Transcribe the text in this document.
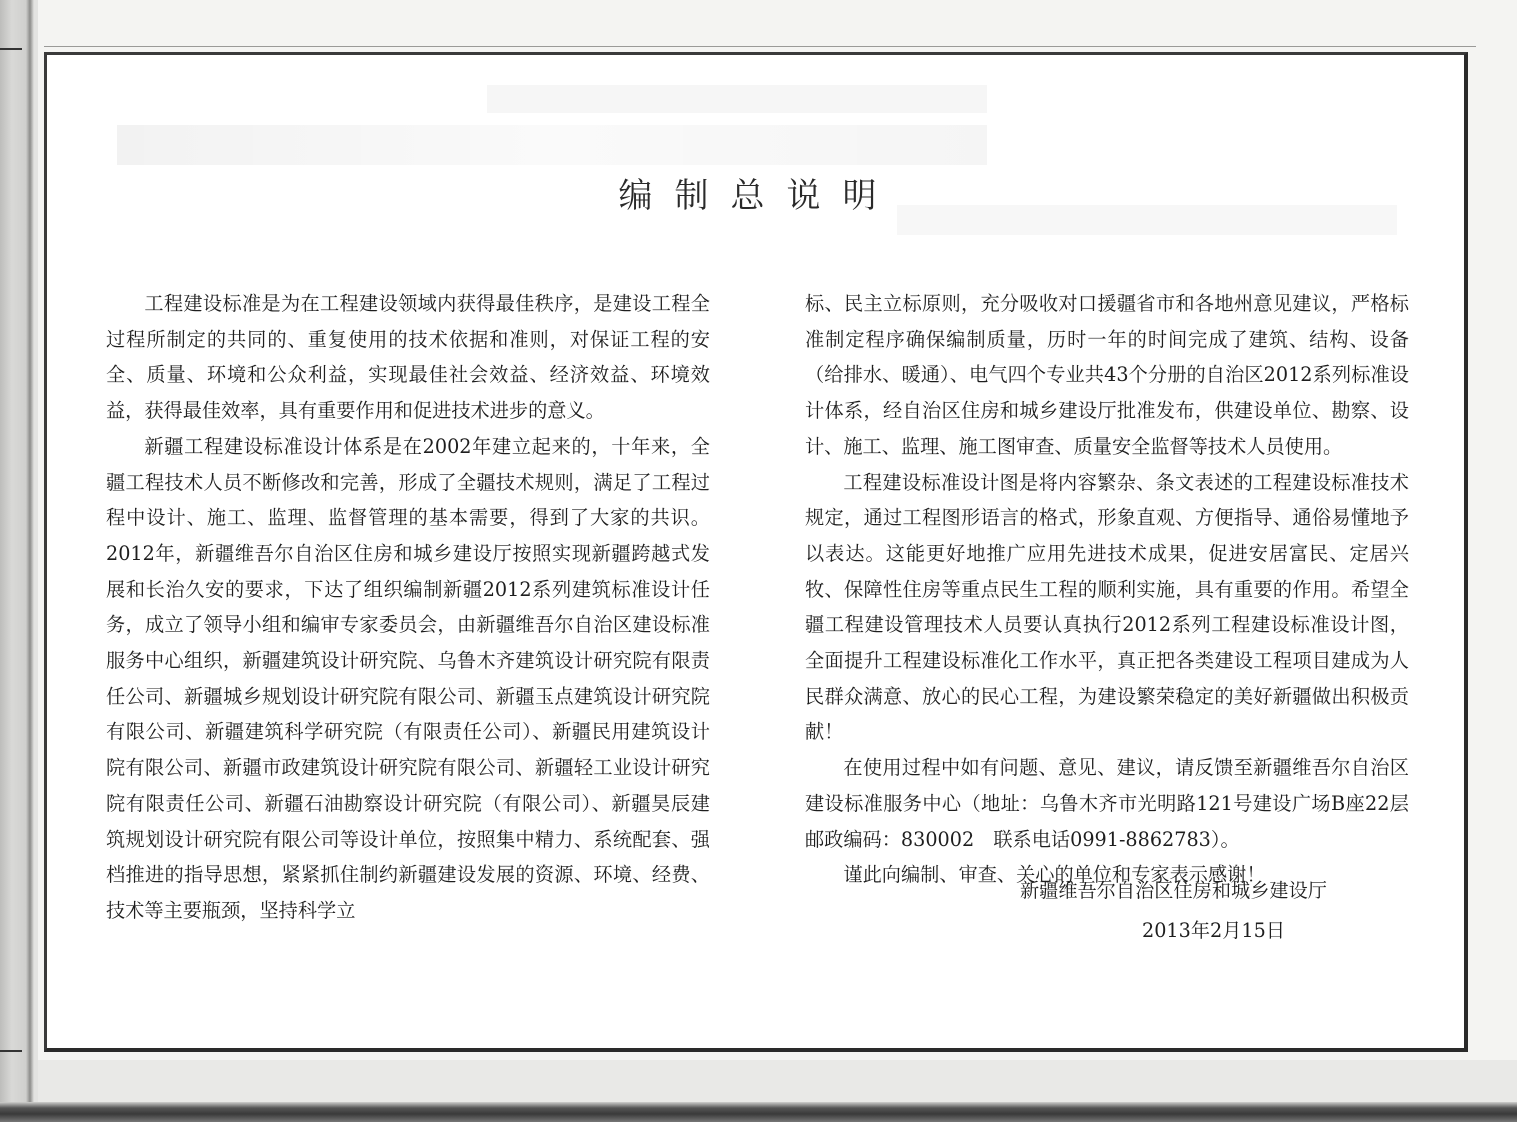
编制总说明

工程建设标准是为在工程建设领域内获得最佳秩序，是建设工程全过程所制定的共同的、重复使用的技术依据和准则，对保证工程的安全、质量、环境和公众利益，实现最佳社会效益、经济效益、环境效益，获得最佳效率，具有重要作用和促进技术进步的意义。

新疆工程建设标准设计体系是在2002年建立起来的，十年来，全疆工程技术人员不断修改和完善，形成了全疆技术规则，满足了工程过程中设计、施工、监理、监督管理的基本需要，得到了大家的共识。2012年，新疆维吾尔自治区住房和城乡建设厅按照实现新疆跨越式发展和长治久安的要求，下达了组织编制新疆2012系列建筑标准设计任务，成立了领导小组和编审专家委员会，由新疆维吾尔自治区建设标准服务中心组织，新疆建筑设计研究院、乌鲁木齐建筑设计研究院有限责任公司、新疆城乡规划设计研究院有限公司、新疆玉点建筑设计研究院有限公司、新疆建筑科学研究院（有限责任公司）、新疆民用建筑设计院有限公司、新疆市政建筑设计研究院有限公司、新疆轻工业设计研究院有限责任公司、新疆石油勘察设计研究院（有限公司）、新疆昊辰建筑规划设计研究院有限公司等设计单位，按照集中精力、系统配套、强档推进的指导思想，紧紧抓住制约新疆建设发展的资源、环境、经费、技术等主要瓶颈，坚持科学立

标、民主立标原则，充分吸收对口援疆省市和各地州意见建议，严格标准制定程序确保编制质量，历时一年的时间完成了建筑、结构、设备（给排水、暖通）、电气四个专业共43个分册的自治区2012系列标准设计体系，经自治区住房和城乡建设厅批准发布，供建设单位、勘察、设计、施工、监理、施工图审查、质量安全监督等技术人员使用。

工程建设标准设计图是将内容繁杂、条文表述的工程建设标准技术规定，通过工程图形语言的格式，形象直观、方便指导、通俗易懂地予以表达。这能更好地推广应用先进技术成果，促进安居富民、定居兴牧、保障性住房等重点民生工程的顺利实施，具有重要的作用。希望全疆工程建设管理技术人员要认真执行2012系列工程建设标准设计图，全面提升工程建设标准化工作水平，真正把各类建设工程项目建成为人民群众满意、放心的民心工程，为建设繁荣稳定的美好新疆做出积极贡献！

在使用过程中如有问题、意见、建议，请反馈至新疆维吾尔自治区建设标准服务中心（地址：乌鲁木齐市光明路121号建设广场B座22层 邮政编码：830002　联系电话0991-8862783）。

谨此向编制、审查、关心的单位和专家表示感谢！

新疆维吾尔自治区住房和城乡建设厅
2013年2月15日
